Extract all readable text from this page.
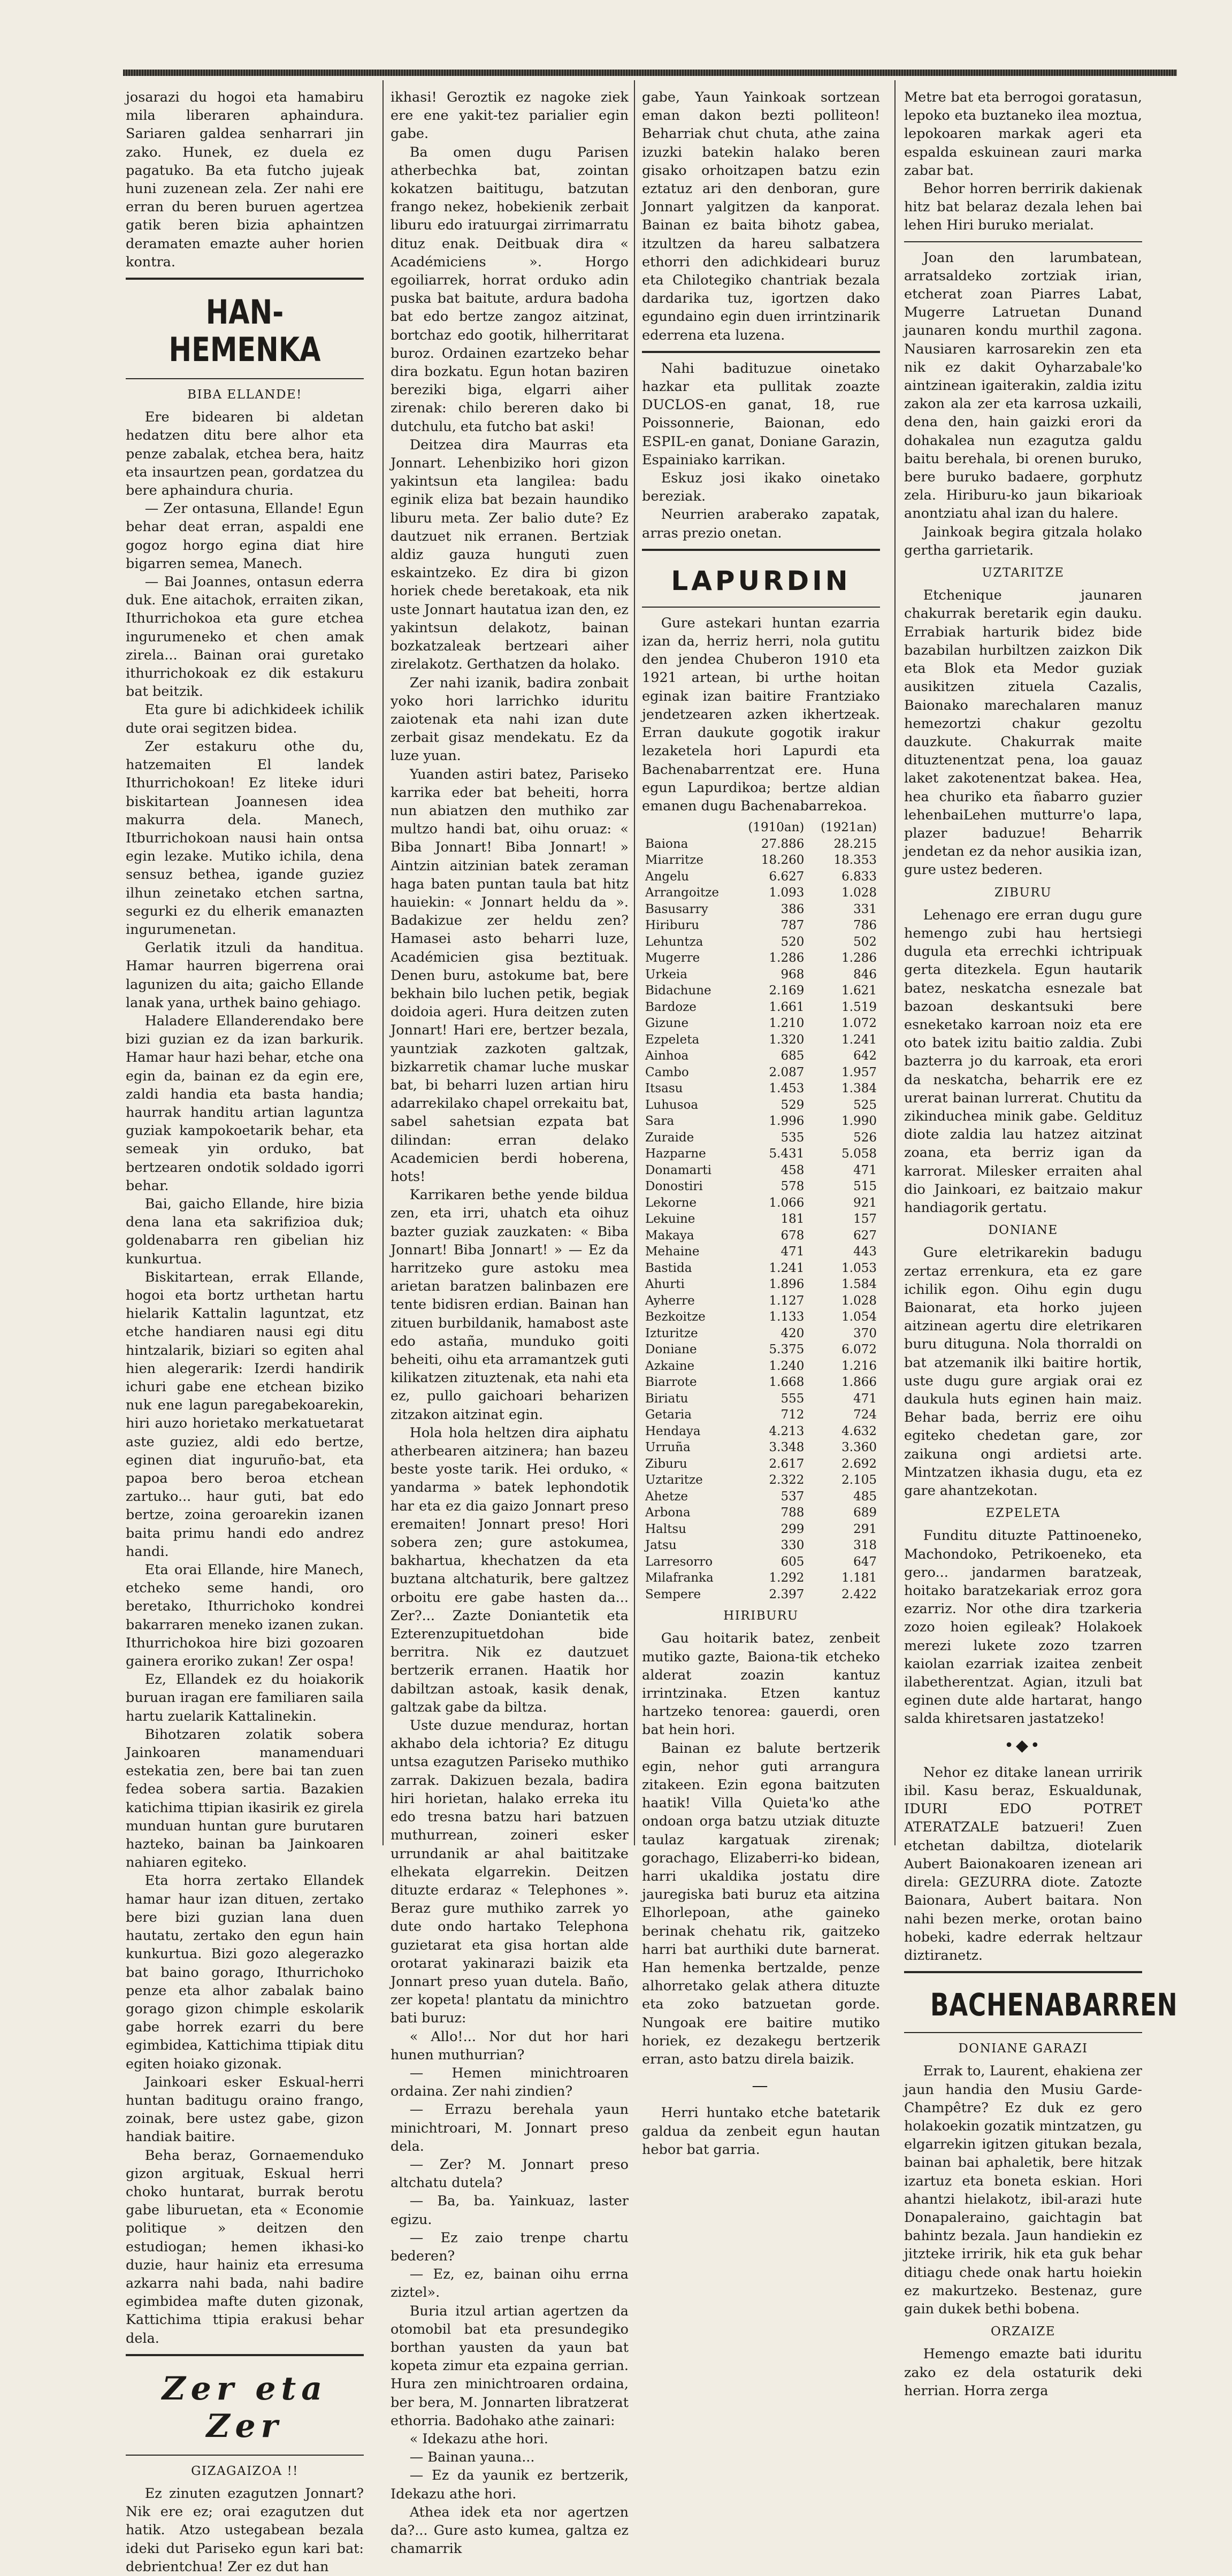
josarazi du hogoi eta hamabiru mila liberaren aphaindura. Sariaren galdea senharrari jin zako. Hunek, ez duela ez pagatuko. Ba eta futcho jujeak huni zuzenean zela. Zer nahi ere erran du beren buruen agertzea gatik beren bizia aphaintzen deramaten emazte auher horien kontra.

HAN-HEMENKA
BIBA ELLANDE!

Ere bidearen bi aldetan hedatzen ditu bere alhor eta penze zabalak, etchea bera, haitz eta insaurtzen pean, gordatzea du bere aphaindura churia.

— Zer ontasuna, Ellande! Egun behar deat erran, aspaldi ene gogoz horgo egina diat hire bigarren semea, Manech.

— Bai Joannes, ontasun ederra duk. Ene aitachok, erraiten zikan, Ithurrichokoa eta gure etchea ingurumeneko et chen amak zirela... Bainan orai guretako ithurrichokoak ez dik estakuru bat beitzik.

Eta gure bi adichkideek ichilik dute orai segitzen bidea.

Zer estakuru othe du, hatzemaiten El landek Ithurrichokoan! Ez liteke iduri biskitartean Joannesen idea makurra dela. Manech, Itburrichokoan nausi hain ontsa egin lezake. Mutiko ichila, dena sensuz bethea, igande guziez ilhun zeinetako etchen sartna, segurki ez du elherik emanazten ingurumenetan.

Gerlatik itzuli da handitua. Hamar haurren bigerrena orai lagunizen du aita; gaicho Ellande lanak yana, urthek baino gehiago.

Haladere Ellanderendako bere bizi guzian ez da izan barkurik. Hamar haur hazi behar, etche ona egin da, bainan ez da egin ere, zaldi handia eta basta handia; haurrak handitu artian laguntza guziak kampokoetarik behar, eta semeak yin orduko, bat bertzearen ondotik soldado igorri behar.

Bai, gaicho Ellande, hire bizia dena lana eta sakrifizioa duk; goldenabarra ren gibelian hiz kunkurtua.

Biskitartean, errak Ellande, hogoi eta bortz urthetan hartu hielarik Kattalin laguntzat, etz etche handiaren nausi egi ditu hintzalarik, biziari so egiten ahal hien alegerarik: Izerdi handirik ichuri gabe ene etchean biziko nuk ene lagun paregabekoarekin, hiri auzo horietako merkatuetarat aste guziez, aldi edo bertze, eginen diat inguruño-bat, eta papoa bero beroa etchean zartuko... haur guti, bat edo bertze, zoina geroarekin izanen baita primu handi edo andrez handi.

Eta orai Ellande, hire Manech, etcheko seme handi, oro beretako, Ithurrichoko kondrei bakarraren meneko izanen zukan. Ithurrichokoa hire bizi gozoaren gainera eroriko zukan! Zer ospa!

Ez, Ellandek ez du hoiakorik buruan iragan ere familiaren saila hartu zuelarik Kattalinekin.

Bihotzaren zolatik sobera Jainkoaren manamenduari estekatia zen, bere bai tan zuen fedea sobera sartia. Bazakien katichima ttipian ikasirik ez girela munduan huntan gure burutaren hazteko, bainan ba Jainkoaren nahiaren egiteko.

Eta horra zertako Ellandek hamar haur izan dituen, zertako bere bizi guzian lana duen hautatu, zertako den egun hain kunkurtua. Bizi gozo alegerazko bat baino gorago, Ithurrichoko penze eta alhor zabalak baino gorago gizon chimple eskolarik gabe horrek ezarri du bere egimbidea, Kattichima ttipiak ditu egiten hoiako gizonak.

Jainkoari esker Eskual-herri huntan baditugu oraino frango, zoinak, bere ustez gabe, gizon handiak baitire.

Beha beraz, Gornaemenduko gizon argituak, Eskual herri choko huntarat, burrak berotu gabe liburuetan, eta « Economie politique » deitzen den estudiogan; hemen ikhasi-ko duzie, haur hainiz eta erresuma azkarra nahi bada, nahi badire egimbidea mafte duten gizonak, Kattichima ttipia erakusi behar dela.

Zer eta Zer
GIZAGAIZOA !!

Ez zinuten ezagutzen Jonnart? Nik ere ez; orai ezagutzen dut hatik. Atzo ustegabean bezala ideki dut Pariseko egun kari bat: debrientchua! Zer ez dut han

ikhasi! Geroztik ez nagoke ziek ere ene yakit-tez parialier egin gabe.

Ba omen dugu Parisen atherbechka bat, zointan kokatzen baititugu, batzutan frango nekez, hobekienik zerbait liburu edo iratuurgai zirrimarratu dituz enak. Deitbuak dira « Académiciens ». Horgo egoiliarrek, horrat orduko adin puska bat baitute, ardura badoha bat edo bertze zangoz aitzinat, bortchaz edo gootik, hilherritarat buroz. Ordainen ezartzeko behar dira bozkatu. Egun hotan baziren bereziki biga, elgarri aiher zirenak: chilo bereren dako bi dutchulu, eta futcho bat aski!

Deitzea dira Maurras eta Jonnart. Lehenbiziko hori gizon yakintsun eta langilea: badu eginik eliza bat bezain haundiko liburu meta. Zer balio dute? Ez dautzuet nik erranen. Bertziak aldiz gauza hunguti zuen eskaintzeko. Ez dira bi gizon horiek chede beretakoak, eta nik uste Jonnart hautatua izan den, ez yakintsun delakotz, bainan bozkatzaleak bertzeari aiher zirelakotz. Gerthatzen da holako.

Zer nahi izanik, badira zonbait yoko hori larrichko iduritu zaiotenak eta nahi izan dute zerbait gisaz mendekatu. Ez da luze yuan.

Yuanden astiri batez, Pariseko karrika eder bat beheiti, horra nun abiatzen den muthiko zar multzo handi bat, oihu oruaz: « Biba Jonnart! Biba Jonnart! » Aintzin aitzinian batek zeraman haga baten puntan taula bat hitz hauiekin: « Jonnart heldu da ». Badakizue zer heldu zen? Hamasei asto beharri luze, Académicien gisa beztituak. Denen buru, astokume bat, bere bekhain bilo luchen petik, begiak doidoia ageri. Hura deitzen zuten Jonnart! Hari ere, bertzer bezala, yauntziak zazkoten galtzak, bizkarretik chamar luche muskar bat, bi beharri luzen artian hiru adarrekilako chapel orrekaitu bat, sabel sahetsian ezpata bat dilindan: erran delako Academicien berdi hoberena, hots!

Karrikaren bethe yende bildua zen, eta irri, uhatch eta oihuz bazter guziak zauzkaten: « Biba Jonnart! Biba Jonnart! » — Ez da harritzeko gure astoku mea arietan baratzen balinbazen ere tente bidisren erdian. Bainan han zituen burbildanik, hamabost aste edo astaña, munduko goiti beheiti, oihu eta arramantzek guti kilikatzen zituztenak, eta nahi eta ez, pullo gaichoari beharizen zitzakon aitzinat egin.

Hola hola heltzen dira aiphatu atherbearen aitzinera; han bazeu beste yoste tarik. Hei orduko, « yandarma » batek lephondotik har eta ez dia gaizo Jonnart preso eremaiten! Jonnart preso! Hori sobera zen; gure astokumea, bakhartua, khechatzen da eta buztana altchaturik, bere galtzez orboitu ere gabe hasten da... Zer?... Zazte Doniantetik eta Ezterenzupituetdohan bide berritra. Nik ez dautzuet bertzerik erranen. Haatik hor dabiltzan astoak, kasik denak, galtzak gabe da biltza.

Uste duzue menduraz, hortan akhabo dela ichtoria? Ez ditugu untsa ezagutzen Pariseko muthiko zarrak. Dakizuen bezala, badira hiri horietan, halako erreka itu edo tresna batzu hari batzuen muthurrean, zoineri esker urrundanik ar ahal baititzake elhekata elgarrekin. Deitzen dituzte erdaraz « Telephones ». Beraz gure muthiko zarrek yo dute ondo hartako Telephona guzietarat eta gisa hortan alde orotarat yakinarazi baizik eta Jonnart preso yuan dutela. Baño, zer kopeta! plantatu da minichtro bati buruz:

« Allo!... Nor dut hor hari hunen muthurrian?

— Hemen minichtroaren ordaina. Zer nahi zindien?

— Errazu berehala yaun minichtroari, M. Jonnart preso dela.

— Zer? M. Jonnart preso altchatu dutela?

— Ba, ba. Yainkuaz, laster egizu.

— Ez zaio trenpe chartu bederen?

— Ez, ez, bainan oihu errna ziztel».

Buria itzul artian agertzen da otomobil bat eta presundegiko borthan yausten da yaun bat kopeta zimur eta ezpaina gerrian. Hura zen minichtroaren ordaina, ber bera, M. Jonnarten libratzerat ethorria. Badohako athe zainari:

« Idekazu athe hori.

— Bainan yauna...

— Ez da yaunik ez bertzerik, Idekazu athe hori.

Athea idek eta nor agertzen da?... Gure asto kumea, galtza ez chamarrik

gabe, Yaun Yainkoak sortzean eman dakon bezti polliteon! Beharriak chut chuta, athe zaina izuzki batekin halako beren gisako orhoitzapen batzu ezin eztatuz ari den denboran, gure Jonnart yalgitzen da kanporat. Bainan ez baita bihotz gabea, itzultzen da hareu salbatzera ethorri den adichkideari buruz eta Chilotegiko chantriak bezala dardarika tuz, igortzen dako egundaino egin duen irrintzinarik ederrena eta luzena.

Nahi badituzue oinetako hazkar eta pullitak zoazte DUCLOS-en ganat, 18, rue Poissonnerie, Baionan, edo ESPIL-en ganat, Doniane Garazin, Espainiako karrikan.

Eskuz josi ikako oinetako bereziak.

Neurrien araberako zapatak, arras prezio onetan.

LAPURDIN

Gure astekari huntan ezarria izan da, herriz herri, nola gutitu den jendea Chuberon 1910 eta 1921 artean, bi urthe hoitan eginak izan baitire Frantziako jendetzearen azken ikhertzeak. Erran daukute gogotik irakur lezaketela hori Lapurdi eta Bachenabarrentzat ere. Huna egun Lapurdikoa; bertze aldian emanen dugu Bachenabarrekoa.

	(1910an)	(1921an)
Baiona	27.886	28.215
Miarritze	18.260	18.353
Angelu	6.627	6.833
Arrangoitze	1.093	1.028
Basusarry	386	331
Hiriburu	787	786
Lehuntza	520	502
Mugerre	1.286	1.286
Urkeia	968	846
Bidachune	2.169	1.621
Bardoze	1.661	1.519
Gizune	1.210	1.072
Ezpeleta	1.320	1.241
Ainhoa	685	642
Cambo	2.087	1.957
Itsasu	1.453	1.384
Luhusoa	529	525
Sara	1.996	1.990
Zuraide	535	526
Hazparne	5.431	5.058
Donamarti	458	471
Donostiri	578	515
Lekorne	1.066	921
Lekuine	181	157
Makaya	678	627
Mehaine	471	443
Bastida	1.241	1.053
Ahurti	1.896	1.584
Ayherre	1.127	1.028
Bezkoitze	1.133	1.054
Izturitze	420	370
Doniane	5.375	6.072
Azkaine	1.240	1.216
Biarrote	1.668	1.866
Biriatu	555	471
Getaria	712	724
Hendaya	4.213	4.632
Urruña	3.348	3.360
Ziburu	2.617	2.692
Uztaritze	2.322	2.105
Ahetze	537	485
Arbona	788	689
Haltsu	299	291
Jatsu	330	318
Larresorro	605	647
Milafranka	1.292	1.181
Sempere	2.397	2.422
HIRIBURU

Gau hoitarik batez, zenbeit mutiko gazte, Baiona-tik etcheko alderat zoazin kantuz irrintzinaka. Etzen kantuz hartzeko tenorea: gauerdi, oren bat hein hori.

Bainan ez balute bertzerik egin, nehor guti arrangura zitakeen. Ezin egona baitzuten haatik! Villa Quieta'ko athe ondoan orga batzu utziak dituzte taulaz kargatuak zirenak; gorachago, Elizaberri-ko bidean, harri ukaldika jostatu dire jauregiska bati buruz eta aitzina Elhorlepoan, athe gaineko berinak chehatu rik, gaitzeko harri bat aurthiki dute barnerat. Han hemenka bertzalde, penze alhorretako gelak athera dituzte eta zoko batzuetan gorde. Nungoak ere baitire mutiko horiek, ez dezakegu bertzerik erran, asto batzu direla baizik.

—

Herri huntako etche batetarik galdua da zenbeit egun hautan hebor bat garria.

Metre bat eta berrogoi goratasun, lepoko eta buztaneko ilea moztua, lepokoaren markak ageri eta espalda eskuinean zauri marka zabar bat.

Behor horren berririk dakienak hitz bat belaraz dezala lehen bai lehen Hiri buruko merialat.

Joan den larumbatean, arratsaldeko zortziak irian, etcherat zoan Piarres Labat, Mugerre Latruetan Dunand jaunaren kondu murthil zagona. Nausiaren karrosarekin zen eta nik ez dakit Oyharzabale'ko aintzinean igaiterakin, zaldia izitu zakon ala zer eta karrosa uzkaili, dena den, hain gaizki erori da dohakalea nun ezagutza galdu baitu berehala, bi orenen buruko, bere buruko badaere, gorphutz zela. Hiriburu-ko jaun bikarioak anontziatu ahal izan du halere.

Jainkoak begira gitzala holako gertha garrietarik.

UZTARITZE

Etchenique jaunaren chakurrak beretarik egin dauku. Errabiak harturik bidez bide bazabilan hurbiltzen zaizkon Dik eta Blok eta Medor guziak ausikitzen zituela Cazalis, Baionako marechalaren manuz hemezortzi chakur gezoltu dauzkute. Chakurrak maite dituztenentzat pena, loa gauaz laket zakotenentzat bakea. Hea, hea churiko eta ñabarro guzier lehenbaiLehen mutturre'o lapa, plazer baduzue! Beharrik jendetan ez da nehor ausikia izan, gure ustez bederen.

ZIBURU

Lehenago ere erran dugu gure hemengo zubi hau hertsiegi dugula eta errechki ichtripuak gerta ditezkela. Egun hautarik batez, neskatcha esnezale bat bazoan deskantsuki bere esneketako karroan noiz eta ere oto batek izitu baitio zaldia. Zubi bazterra jo du karroak, eta erori da neskatcha, beharrik ere ez urerat bainan lurrerat. Chutitu da zikinduchea minik gabe. Geldituz diote zaldia lau hatzez aitzinat zoana, eta berriz igan da karrorat. Milesker erraiten ahal dio Jainkoari, ez baitzaio makur handiagorik gertatu.

DONIANE

Gure eletrikarekin badugu zertaz errenkura, eta ez gare ichilik egon. Oihu egin dugu Baionarat, eta horko jujeen aitzinean agertu dire eletrikaren buru dituguna. Nola thorraldi on bat atzemanik ilki baitire hortik, uste dugu gure argiak orai ez daukula huts eginen hain maiz. Behar bada, berriz ere oihu egiteko chedetan gare, zor zaikuna ongi ardietsi arte. Mintzatzen ikhasia dugu, eta ez gare ahantzekotan.

EZPELETA

Funditu dituzte Pattinoeneko, Machondoko, Petrikoeneko, eta gero... jandarmen baratzeak, hoitako baratzekariak erroz gora ezarriz. Nor othe dira tzarkeria zozo hoien egileak? Holakoek merezi lukete zozo tzarren kaiolan ezarriak izaitea zenbeit ilabetherentzat. Agian, itzuli bat eginen dute alde hartarat, hango salda khiretsaren jastatzeko!

•◆•

Nehor ez ditake lanean urririk ibil. Kasu beraz, Eskualdunak, IDURI EDO POTRET ATERATZALE batzueri! Zuen etchetan dabiltza, diotelarik Aubert Baionakoaren izenean ari direla: GEZURRA diote. Zatozte Baionara, Aubert baitara. Non nahi bezen merke, orotan baino hobeki, kadre ederrak heltzaur diztiranetz.

BACHENABARREN
DONIANE GARAZI

Errak to, Laurent, ehakiena zer jaun handia den Musiu Garde-Champêtre? Ez duk ez gero holakoekin gozatik mintzatzen, gu elgarrekin igitzen gitukan bezala, bainan bai aphaletik, bere hitzak izartuz eta boneta eskian. Hori ahantzi hielakotz, ibil-arazi hute Donapaleraino, gaichtagin bat bahintz bezala. Jaun handiekin ez jitzteke irririk, hik eta guk behar ditiagu chede onak hartu hoiekin ez makurtzeko. Bestenaz, gure gain dukek bethi bobena.

ORZAIZE

Hemengo emazte bati iduritu zako ez dela ostaturik deki herrian. Horra zerga
